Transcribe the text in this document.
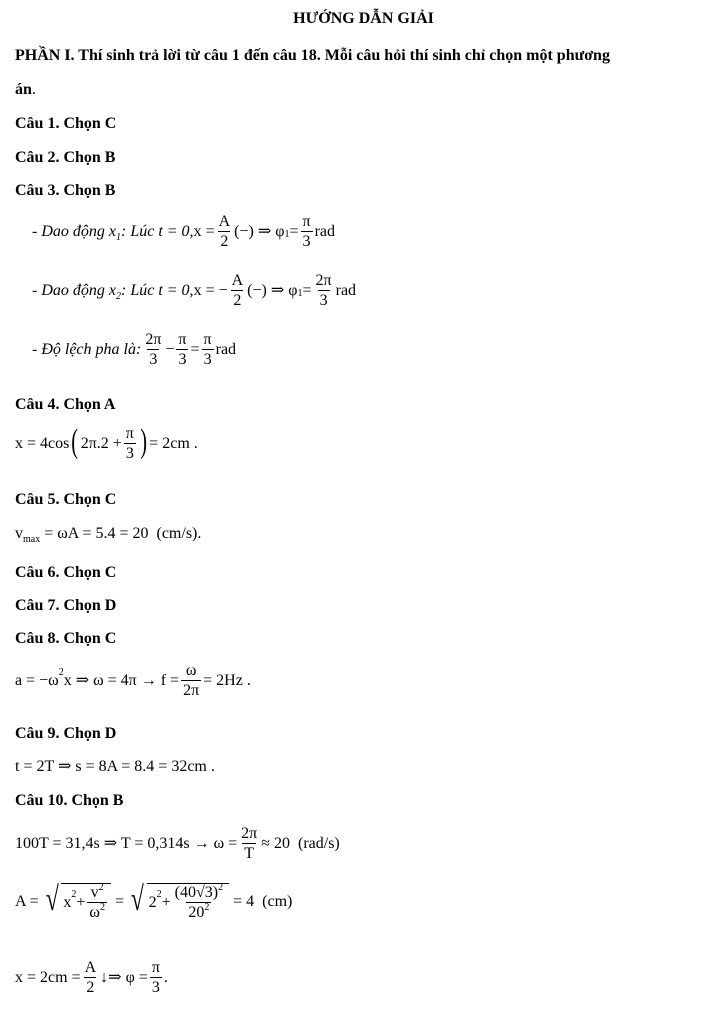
HƯỚNG DẪN GIẢI
PHẦN I. Thí sinh trả lời từ câu 1 đến câu 18. Mỗi câu hỏi thí sinh chỉ chọn một phương
án.
Câu 1. Chọn C
Câu 2. Chọn B
Câu 3. Chọn B
- Dao động $x_1$: Lúc t = 0, $x = \frac{A}{2}$ (−) ⇒ φ $1 = \frac{\pi}{3}$ rad
- Dao động $x_2$: Lúc t = 0, x = − $\frac{A}{2}$ (−) ⇒ φ $1 = \frac{2\pi}{3}$ rad
- Độ lệch pha là: $\frac{2\pi}{3} - \frac{\pi}{3} = \frac{\pi}{3}$ rad
Câu 4. Chọn A
x = 4cos ( $2\pi.2 + \frac{\pi}{3}$ ) = 2cm .
Câu 5. Chọn C
$v_{max} = \omega A = 5.4 = 20$  (cm/s).
Câu 6. Chọn C
Câu 7. Chọn D
Câu 8. Chọn C
a = −ω 2 x ⇒ $\omega = 4\pi \to f = \frac{\omega}{2\pi} = 2Hz$ .
Câu 9. Chọn D
t = 2T ⇒ s = 8A = 8.4 = 32cm .
Câu 10. Chọn B
100T = 31,4s ⇒ $T = 0,314s \to \omega = \frac{2\pi}{T} \approx 20$  (rad/s)
A = √ x $2 + \frac{v^2}{\omega^2}$ = √ 2 $2 + \frac{(40√3)^2}{20^2} = 4$  (cm)
$x = 2cm = \frac{A}{2}$ ↓⇒ $\varphi = \frac{\pi}{3}$ .
